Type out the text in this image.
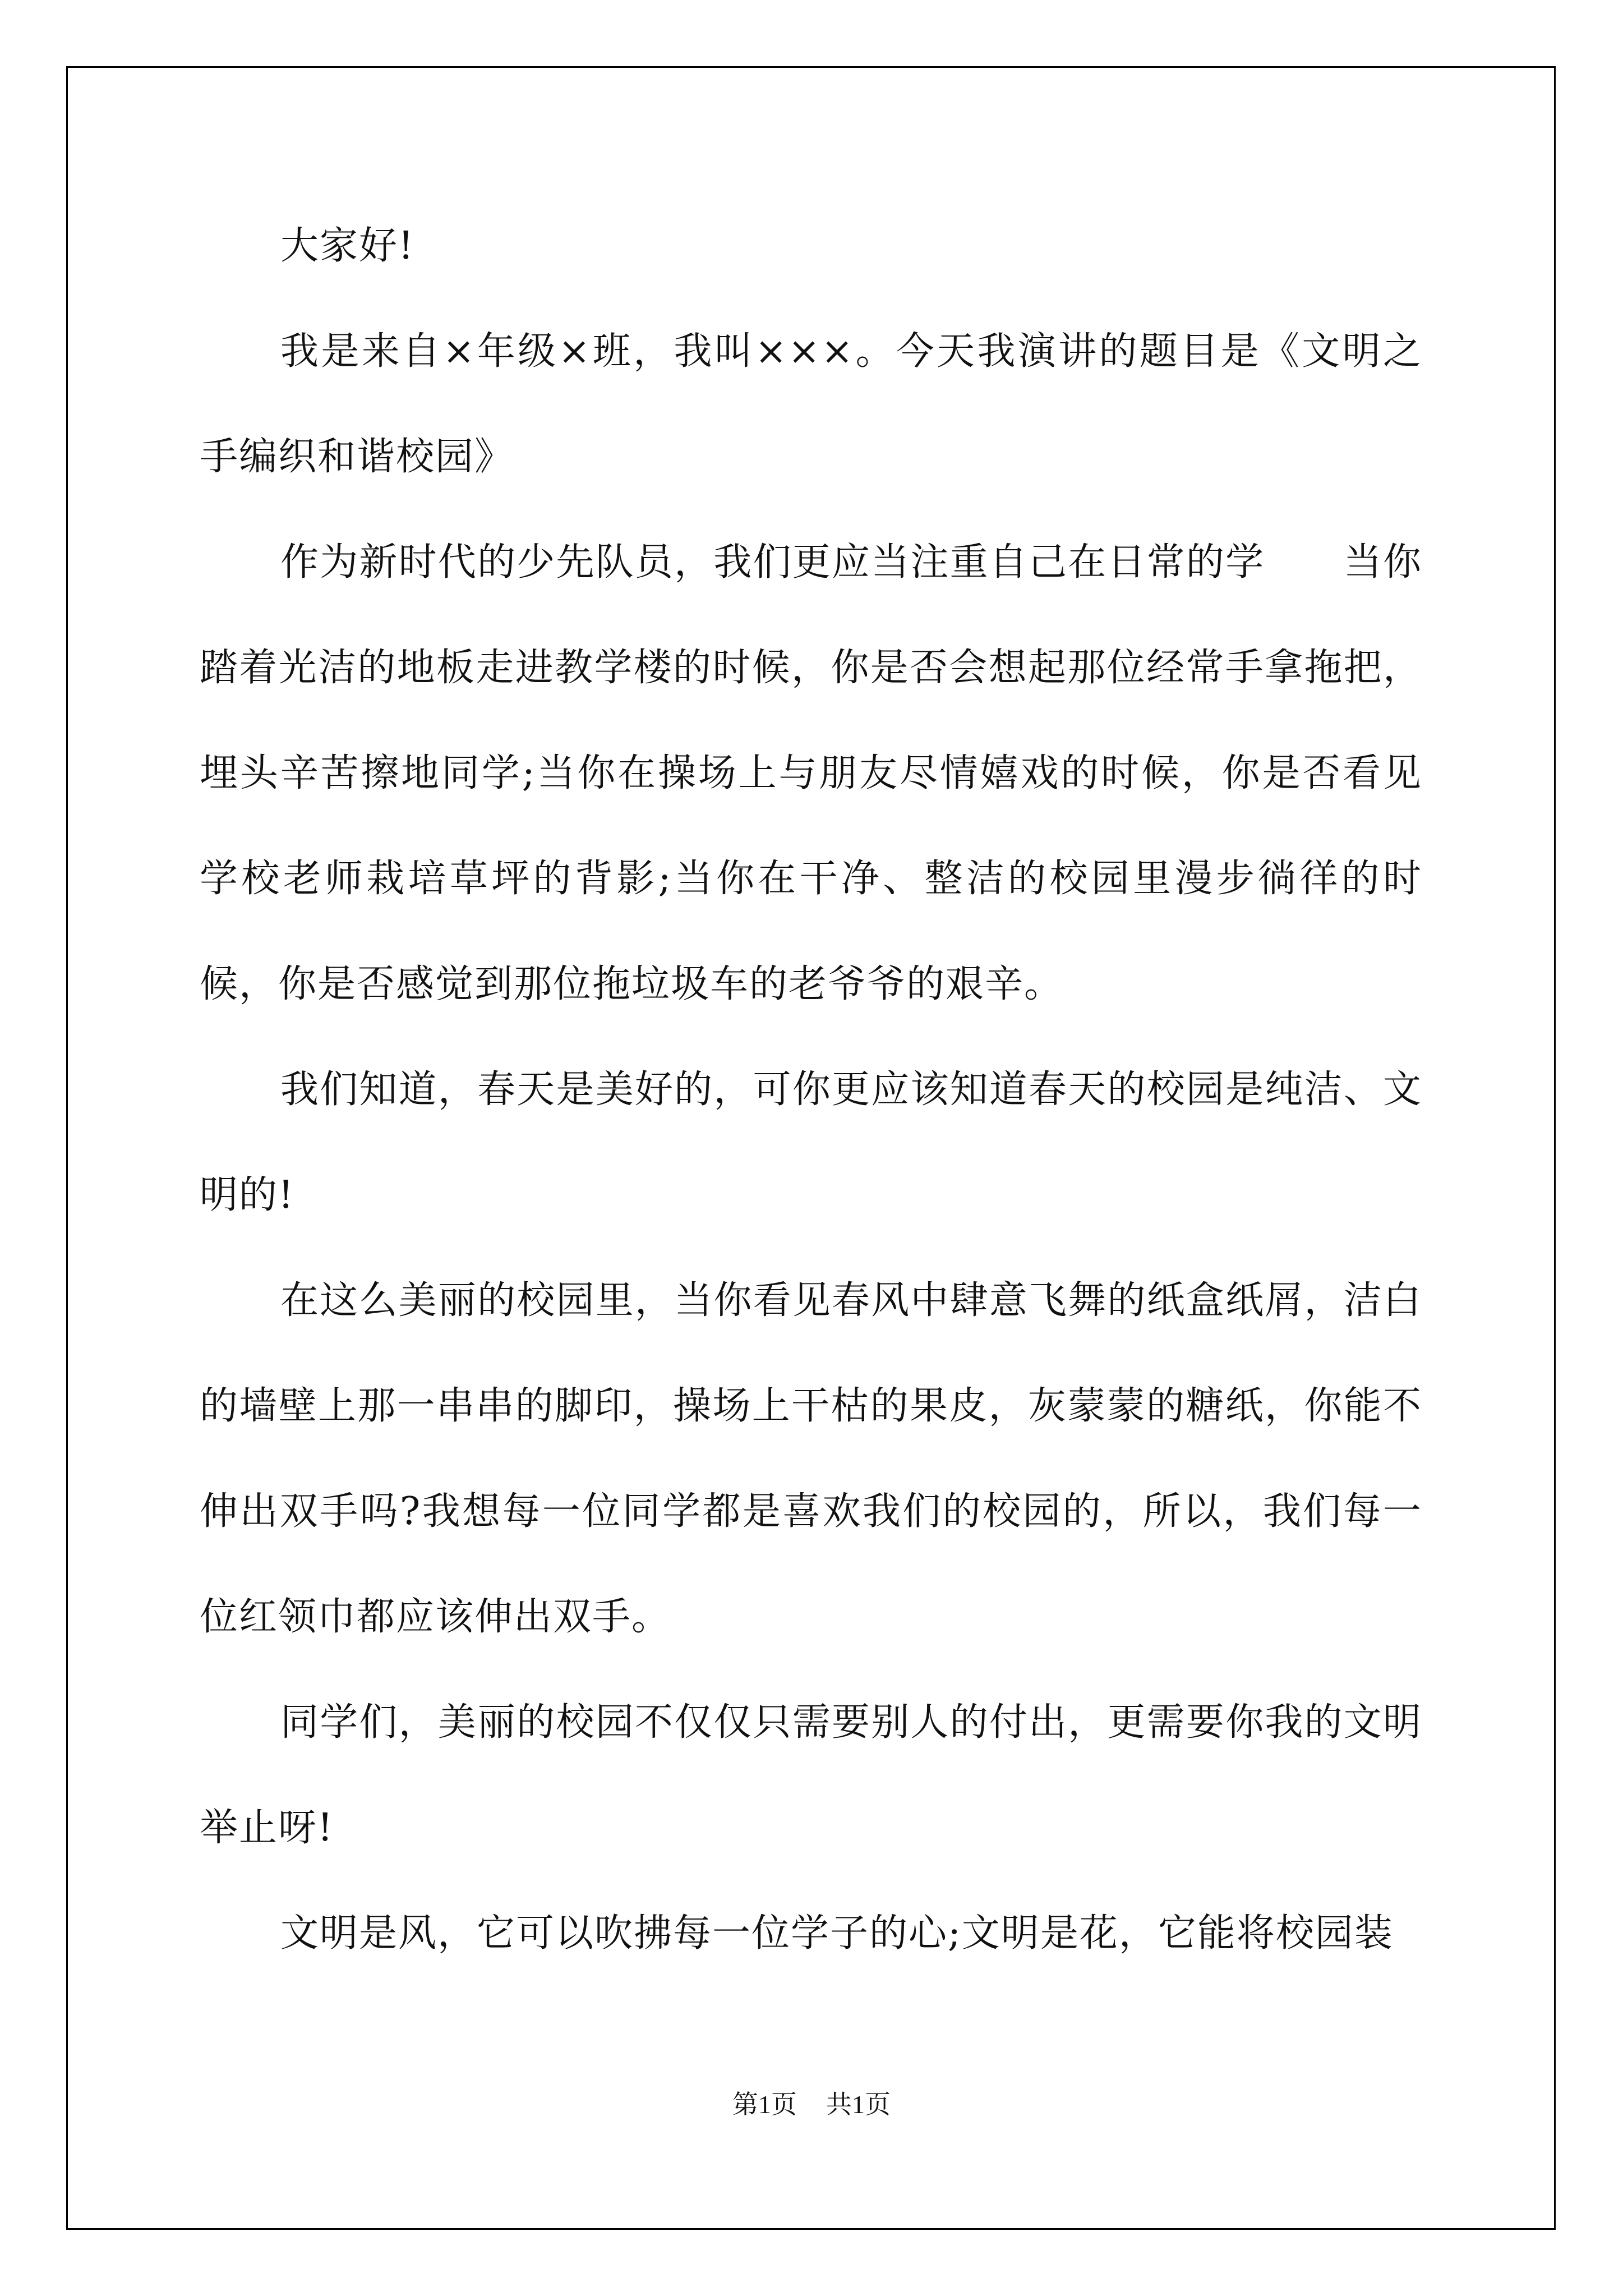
大家好!

我是来自×年级×班，我叫×××。今天我演讲的题目是《文明之手编织和谐校园》

作为新时代的少先队员，我们更应当注重自己在日常的学　　当你踏着光洁的地板走进教学楼的时候，你是否会想起那位经常手拿拖把，埋头辛苦擦地同学;当你在操场上与朋友尽情嬉戏的时候，你是否看见学校老师栽培草坪的背影;当你在干净、整洁的校园里漫步徜徉的时候，你是否感觉到那位拖垃圾车的老爷爷的艰辛。

我们知道，春天是美好的，可你更应该知道春天的校园是纯洁、文明的!

在这么美丽的校园里，当你看见春风中肆意飞舞的纸盒纸屑，洁白的墙壁上那一串串的脚印，操场上干枯的果皮，灰蒙蒙的糖纸，你能不伸出双手吗?我想每一位同学都是喜欢我们的校园的，所以，我们每一位红领巾都应该伸出双手。

同学们，美丽的校园不仅仅只需要别人的付出，更需要你我的文明举止呀!

文明是风，它可以吹拂每一位学子的心;文明是花，它能将校园装

第1页 共1页
